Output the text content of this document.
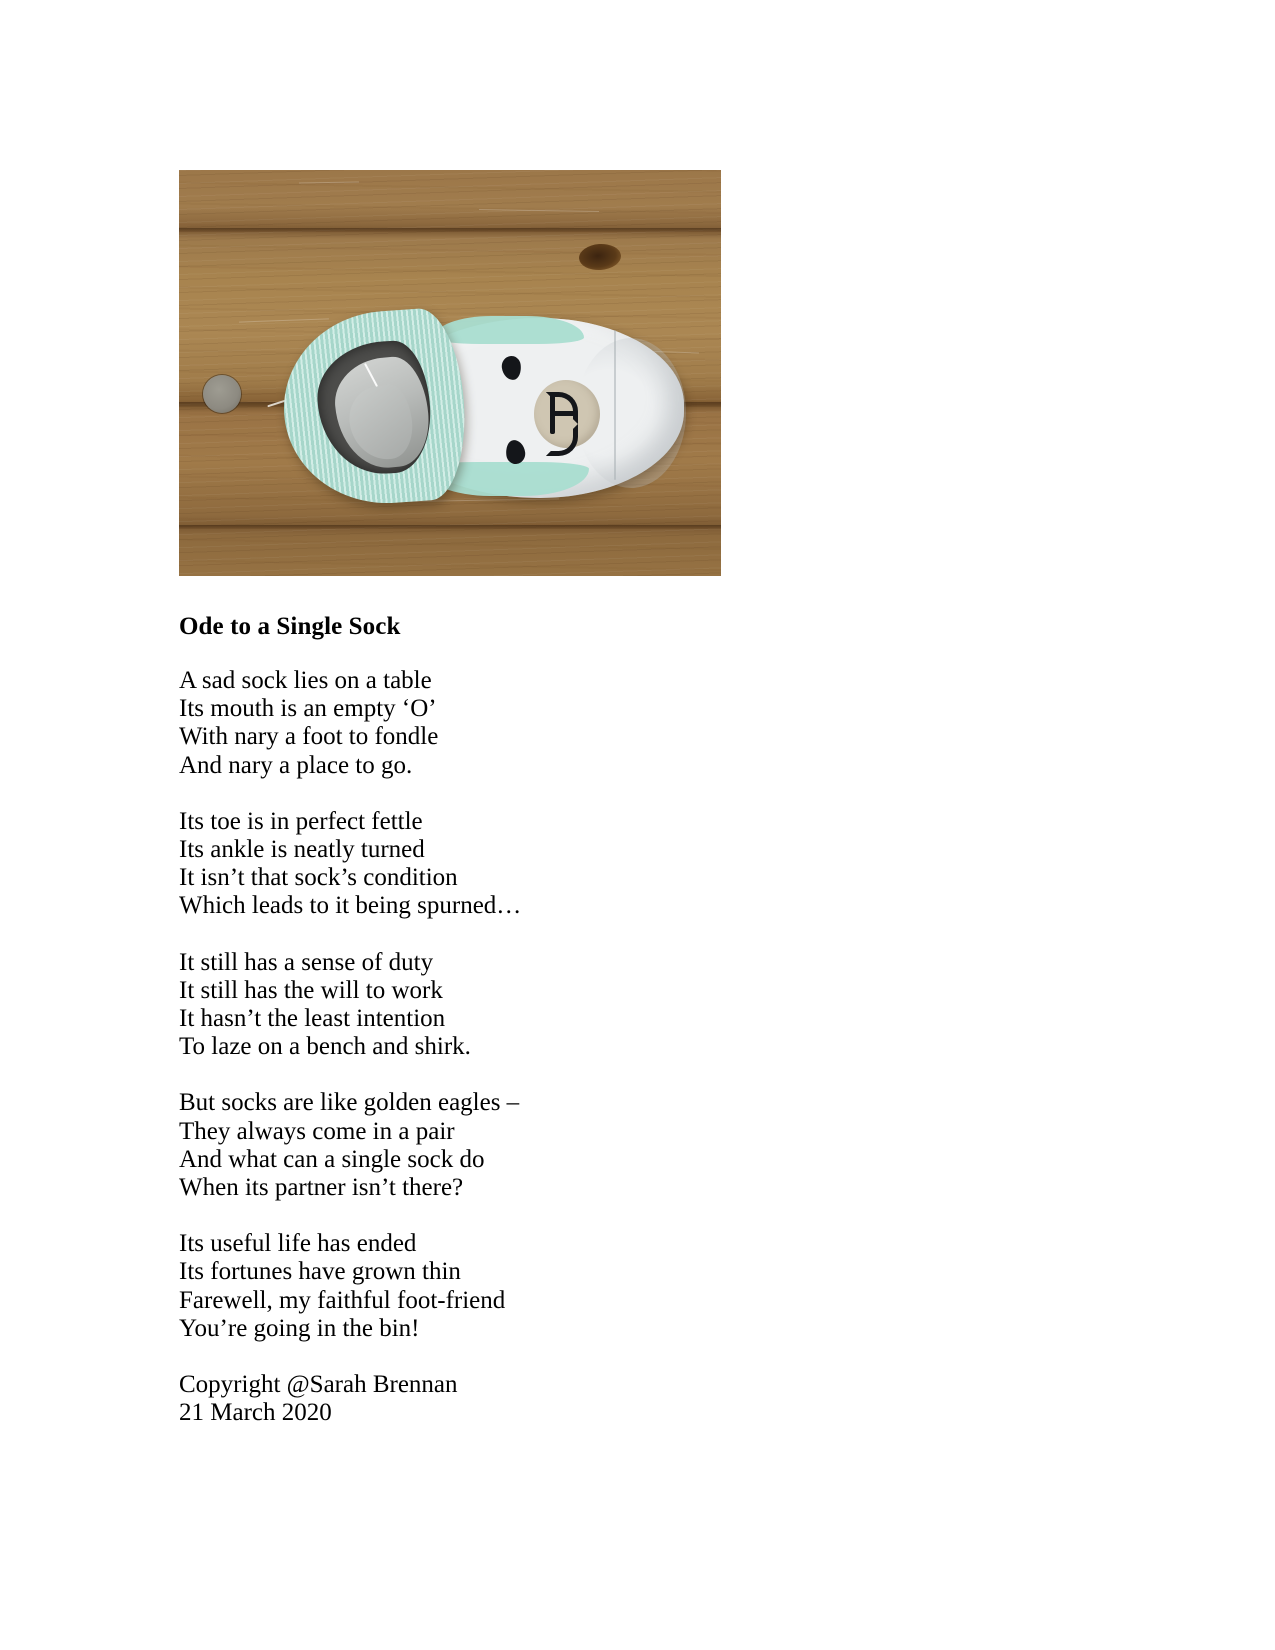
Ode to a Single Sock

A sad sock lies on a table
Its mouth is an empty ‘O’
With nary a foot to fondle
And nary a place to go.
Its toe is in perfect fettle
Its ankle is neatly turned
It isn’t that sock’s condition
Which leads to it being spurned…
It still has a sense of duty
It still has the will to work
It hasn’t the least intention
To laze on a bench and shirk.
But socks are like golden eagles –
They always come in a pair
And what can a single sock do
When its partner isn’t there?
Its useful life has ended
Its fortunes have grown thin
Farewell, my faithful foot-friend
You’re going in the bin!
Copyright @Sarah Brennan
21 March 2020
